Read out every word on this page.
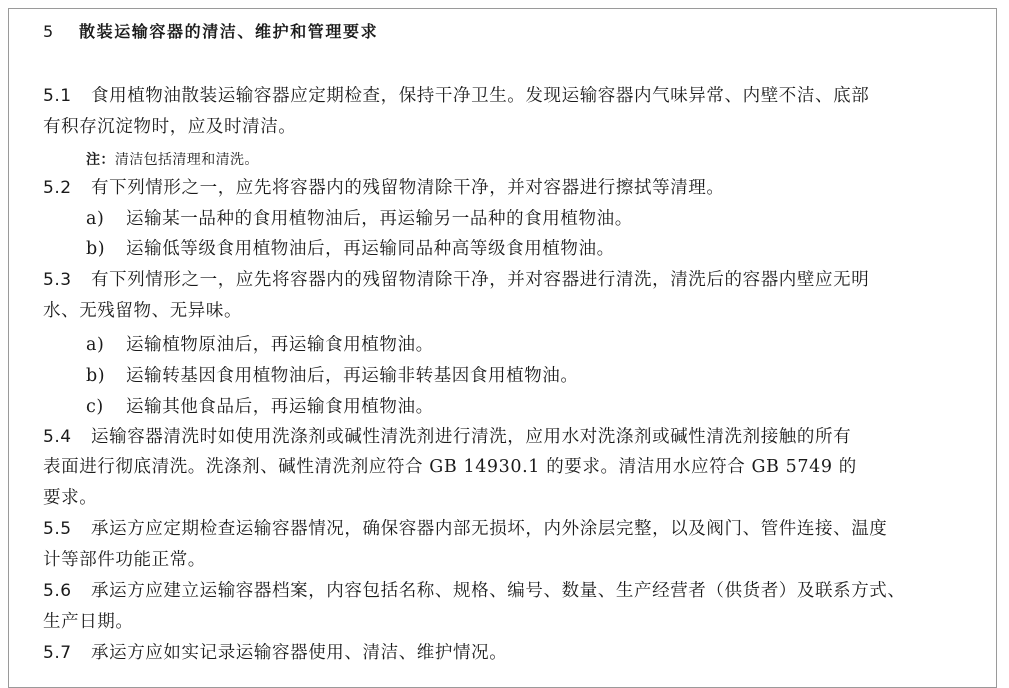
5 散装运输容器的清洁、维护和管理要求
5.1 食用植物油散装运输容器应定期检查，保持干净卫生。发现运输容器内气味异常、内壁不洁、底部
有积存沉淀物时，应及时清洁。
注：清洁包括清理和清洗。
5.2 有下列情形之一，应先将容器内的残留物清除干净，并对容器进行擦拭等清理。
a) 运输某一品种的食用植物油后，再运输另一品种的食用植物油。
b) 运输低等级食用植物油后，再运输同品种高等级食用植物油。
5.3 有下列情形之一，应先将容器内的残留物清除干净，并对容器进行清洗，清洗后的容器内壁应无明
水、无残留物、无异味。
a) 运输植物原油后，再运输食用植物油。
b) 运输转基因食用植物油后，再运输非转基因食用植物油。
c) 运输其他食品后，再运输食用植物油。
5.4 运输容器清洗时如使用洗涤剂或碱性清洗剂进行清洗，应用水对洗涤剂或碱性清洗剂接触的所有
表面进行彻底清洗。洗涤剂、碱性清洗剂应符合 GB 14930.1 的要求。清洁用水应符合 GB 5749 的
要求。
5.5 承运方应定期检查运输容器情况，确保容器内部无损坏，内外涂层完整，以及阀门、管件连接、温度
计等部件功能正常。
5.6 承运方应建立运输容器档案，内容包括名称、规格、编号、数量、生产经营者（供货者）及联系方式、
生产日期。
5.7 承运方应如实记录运输容器使用、清洁、维护情况。
